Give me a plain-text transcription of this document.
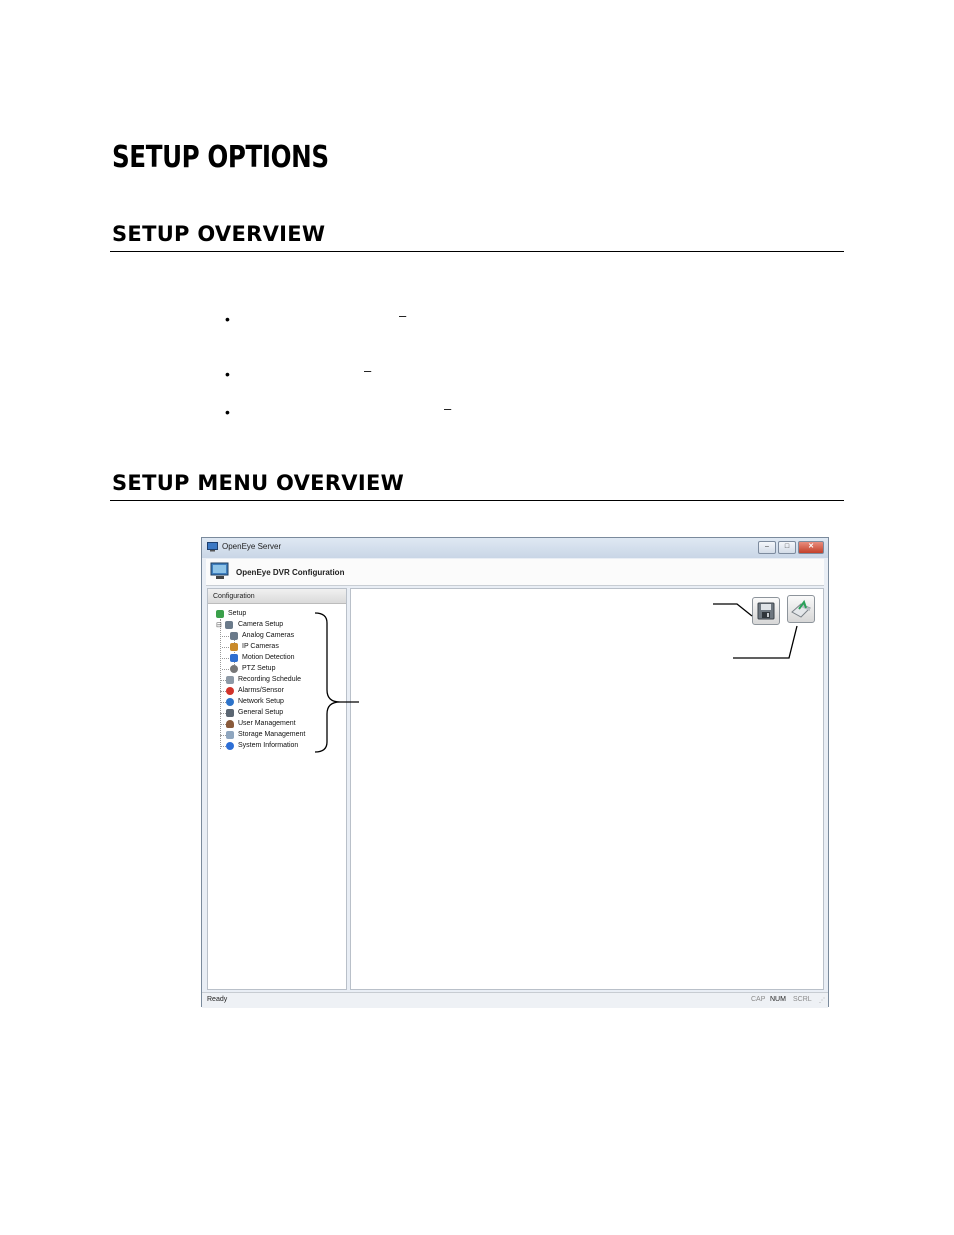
SETUP OPTIONS
SETUP OVERVIEW
•	–
•	–
•	–
SETUP MENU OVERVIEW
OpenEye Server	–	□	✕
OpenEye DVR Configuration
Configuration
Setup
⊟ Camera Setup
Analog Cameras
IP Cameras
Motion Detection
PTZ Setup
Recording Schedule
Alarms/Sensor
Network Setup
General Setup
User Management
Storage Management
System Information
Ready	CAP NUM SCRL ⋰
